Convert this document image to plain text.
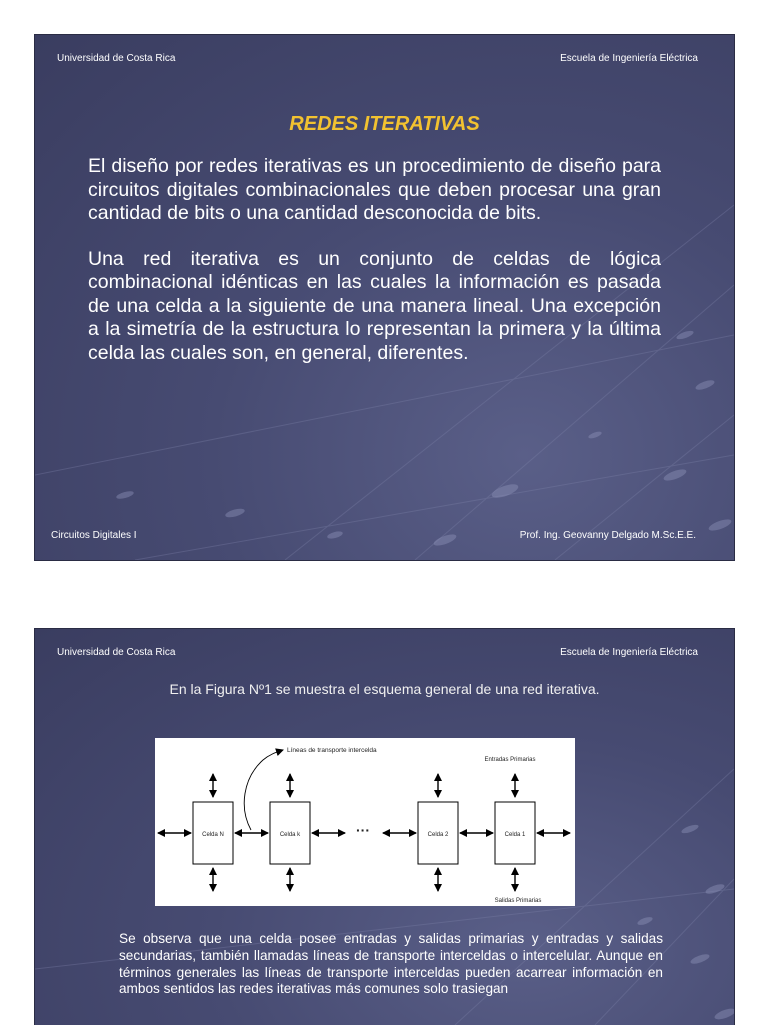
Universidad de Costa Rica	Escuela de Ingeniería Eléctrica
REDES ITERATIVAS

El diseño por redes iterativas es un procedimiento de diseño para circuitos digitales combinacionales que deben procesar una gran cantidad de bits o una cantidad desconocida de bits.

Una red iterativa es un conjunto de celdas de lógica combinacional idénticas en las cuales la información es pasada de una celda a la siguiente de una manera lineal. Una excepción a la simetría de la estructura lo representan la primera y la última celda las cuales son, en general, diferentes.

Circuitos Digitales I	Prof. Ing. Geovanny Delgado M.Sc.E.E.
Universidad de Costa Rica	Escuela de Ingeniería Eléctrica
En la Figura Nº1 se muestra el esquema general de una red iterativa.
Celda N	Celda k	Celda 2	Celda 1
···
Líneas de transporte intercelda
Entradas Primarias
Salidas Primarias

Se observa que una celda posee entradas y salidas primarias y entradas y salidas secundarias, también llamadas líneas de transporte interceldas o intercelular. Aunque en términos generales las líneas de transporte interceldas pueden acarrear información en ambos sentidos las redes iterativas más comunes solo trasiegan
